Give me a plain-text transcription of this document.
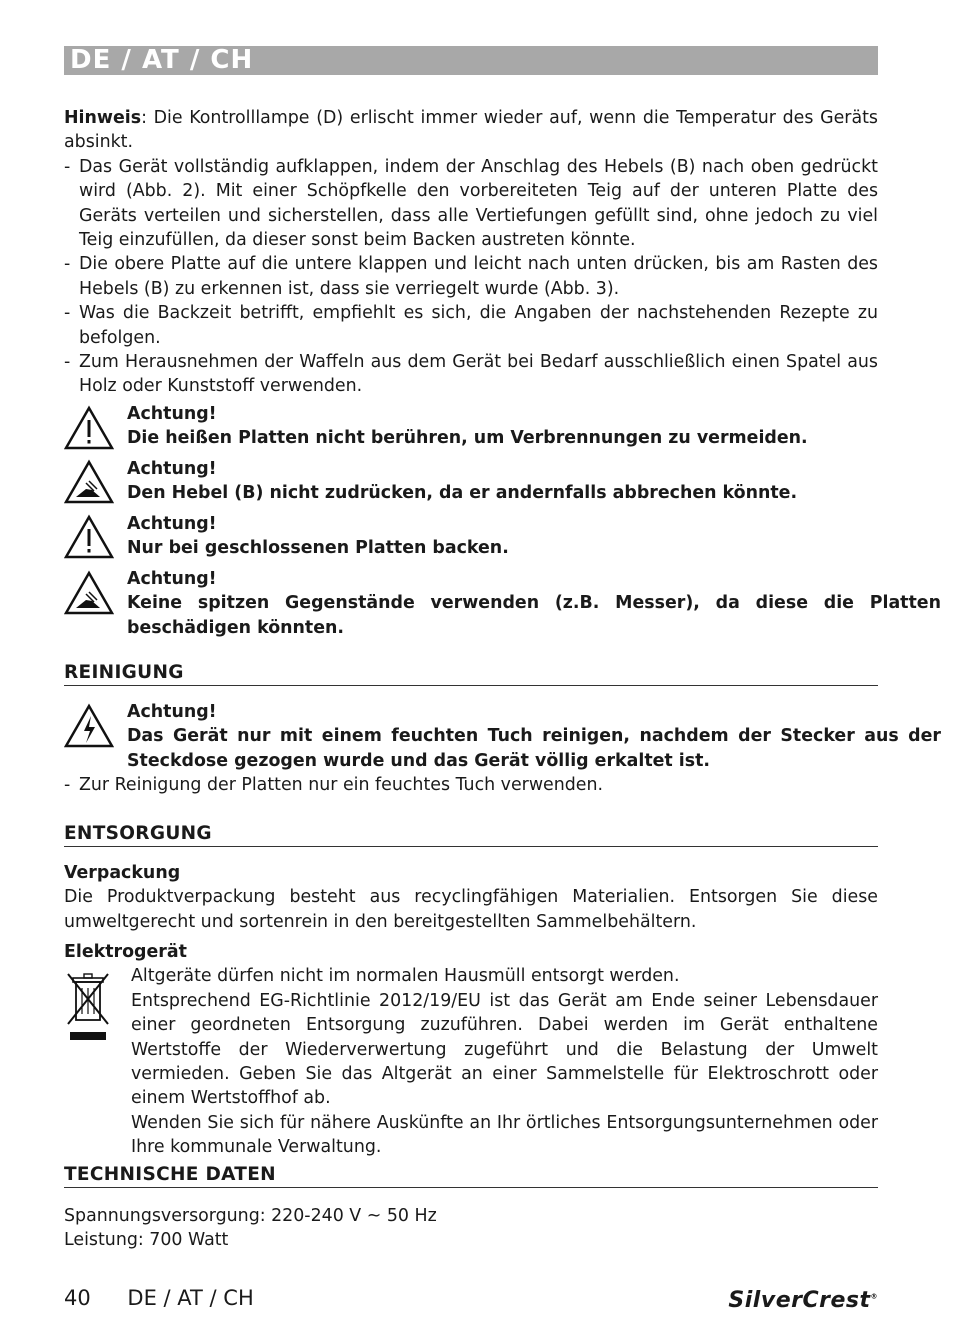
DE / AT / CH

Hinweis: Die Kontrolllampe (D) erlischt immer wieder auf, wenn die Temperatur des Geräts absinkt.

- Das Gerät vollständig aufklappen, indem der Anschlag des Hebels (B) nach oben gedrückt wird (Abb. 2). Mit einer Schöpfkelle den vorbereiteten Teig auf der unteren Platte des Geräts verteilen und sicherstellen, dass alle Vertiefungen gefüllt sind, ohne jedoch zu viel Teig einzufüllen, da dieser sonst beim Backen austreten könnte.
- Die obere Platte auf die untere klappen und leicht nach unten drücken, bis am Rasten des Hebels (B) zu erkennen ist, dass sie verriegelt wurde (Abb. 3).
- Was die Backzeit betrifft, empfiehlt es sich, die Angaben der nachstehenden Rezepte zu befolgen.
- Zum Herausnehmen der Waffeln aus dem Gerät bei Bedarf ausschließlich einen Spatel aus Holz oder Kunststoff verwenden.
Achtung!
Die heißen Platten nicht berühren, um Verbrennungen zu vermeiden.
Achtung!
Den Hebel (B) nicht zudrücken, da er andernfalls abbrechen könnte.
Achtung!
Nur bei geschlossenen Platten backen.
Achtung!
Keine spitzen Gegenstände verwenden (z.B. Messer), da diese die Platten beschädigen könnten.
REINIGUNG
Achtung!
Das Gerät nur mit einem feuchten Tuch reinigen, nachdem der Stecker aus der Steckdose gezogen wurde und das Gerät völlig erkaltet ist.
- Zur Reinigung der Platten nur ein feuchtes Tuch verwenden.
ENTSORGUNG
Verpackung

Die Produktverpackung besteht aus recyclingfähigen Materialien. Entsorgen Sie diese umweltgerecht und sortenrein in den bereitgestellten Sammelbehältern.

Elektrogerät
Altgeräte dürfen nicht im normalen Hausmüll entsorgt werden.
Entsprechend EG-Richtlinie 2012/19/EU ist das Gerät am Ende seiner Lebensdauer einer geordneten Entsorgung zuzuführen. Dabei werden im Gerät enthaltene Wertstoffe der Wiederverwertung zugeführt und die Belastung der Umwelt vermieden. Geben Sie das Altgerät an einer Sammelstelle für Elektroschrott oder einem Wertstoffhof ab.
Wenden Sie sich für nähere Auskünfte an Ihr örtliches Entsorgungsunternehmen oder Ihre kommunale Verwaltung.
TECHNISCHE DATEN
Spannungsversorgung: 220-240 V ~ 50 Hz
Leistung: 700 Watt
40 DE / AT / CH	SilverCrest®
